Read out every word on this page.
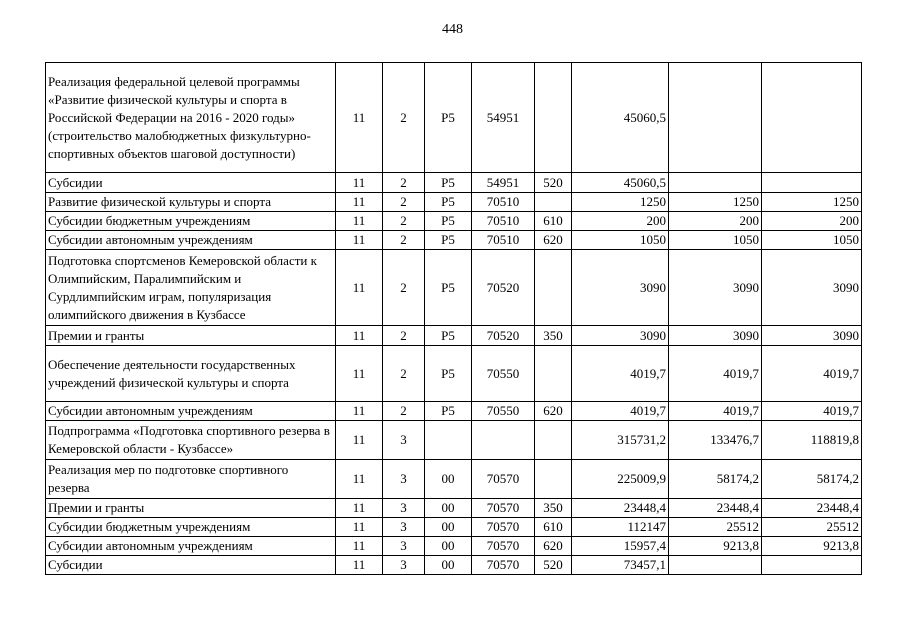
448
Реализация федеральной целевой программы «Развитие физической культуры и спорта в Российской Федерации на 2016 - 2020 годы» (строительство малобюджетных физкультурно-спортивных объектов шаговой доступности)	11	2	P5	54951		45060,5		
Субсидии	11	2	P5	54951	520	45060,5		
Развитие физической культуры и спорта	11	2	P5	70510		1250	1250	1250
Субсидии бюджетным учреждениям	11	2	P5	70510	610	200	200	200
Субсидии автономным учреждениям	11	2	P5	70510	620	1050	1050	1050
Подготовка спортсменов Кемеровской области к Олимпийским, Паралимпийским и Сурдлимпийским играм, популяризация олимпийского движения в Кузбассе	11	2	P5	70520		3090	3090	3090
Премии и гранты	11	2	P5	70520	350	3090	3090	3090
Обеспечение деятельности государственных учреждений физической культуры и спорта	11	2	P5	70550		4019,7	4019,7	4019,7
Субсидии автономным учреждениям	11	2	P5	70550	620	4019,7	4019,7	4019,7
Подпрограмма «Подготовка спортивного резерва в Кемеровской области - Кузбассе»	11	3				315731,2	133476,7	118819,8
Реализация мер по подготовке спортивного резерва	11	3	00	70570		225009,9	58174,2	58174,2
Премии и гранты	11	3	00	70570	350	23448,4	23448,4	23448,4
Субсидии бюджетным учреждениям	11	3	00	70570	610	112147	25512	25512
Субсидии автономным учреждениям	11	3	00	70570	620	15957,4	9213,8	9213,8
Субсидии	11	3	00	70570	520	73457,1		
